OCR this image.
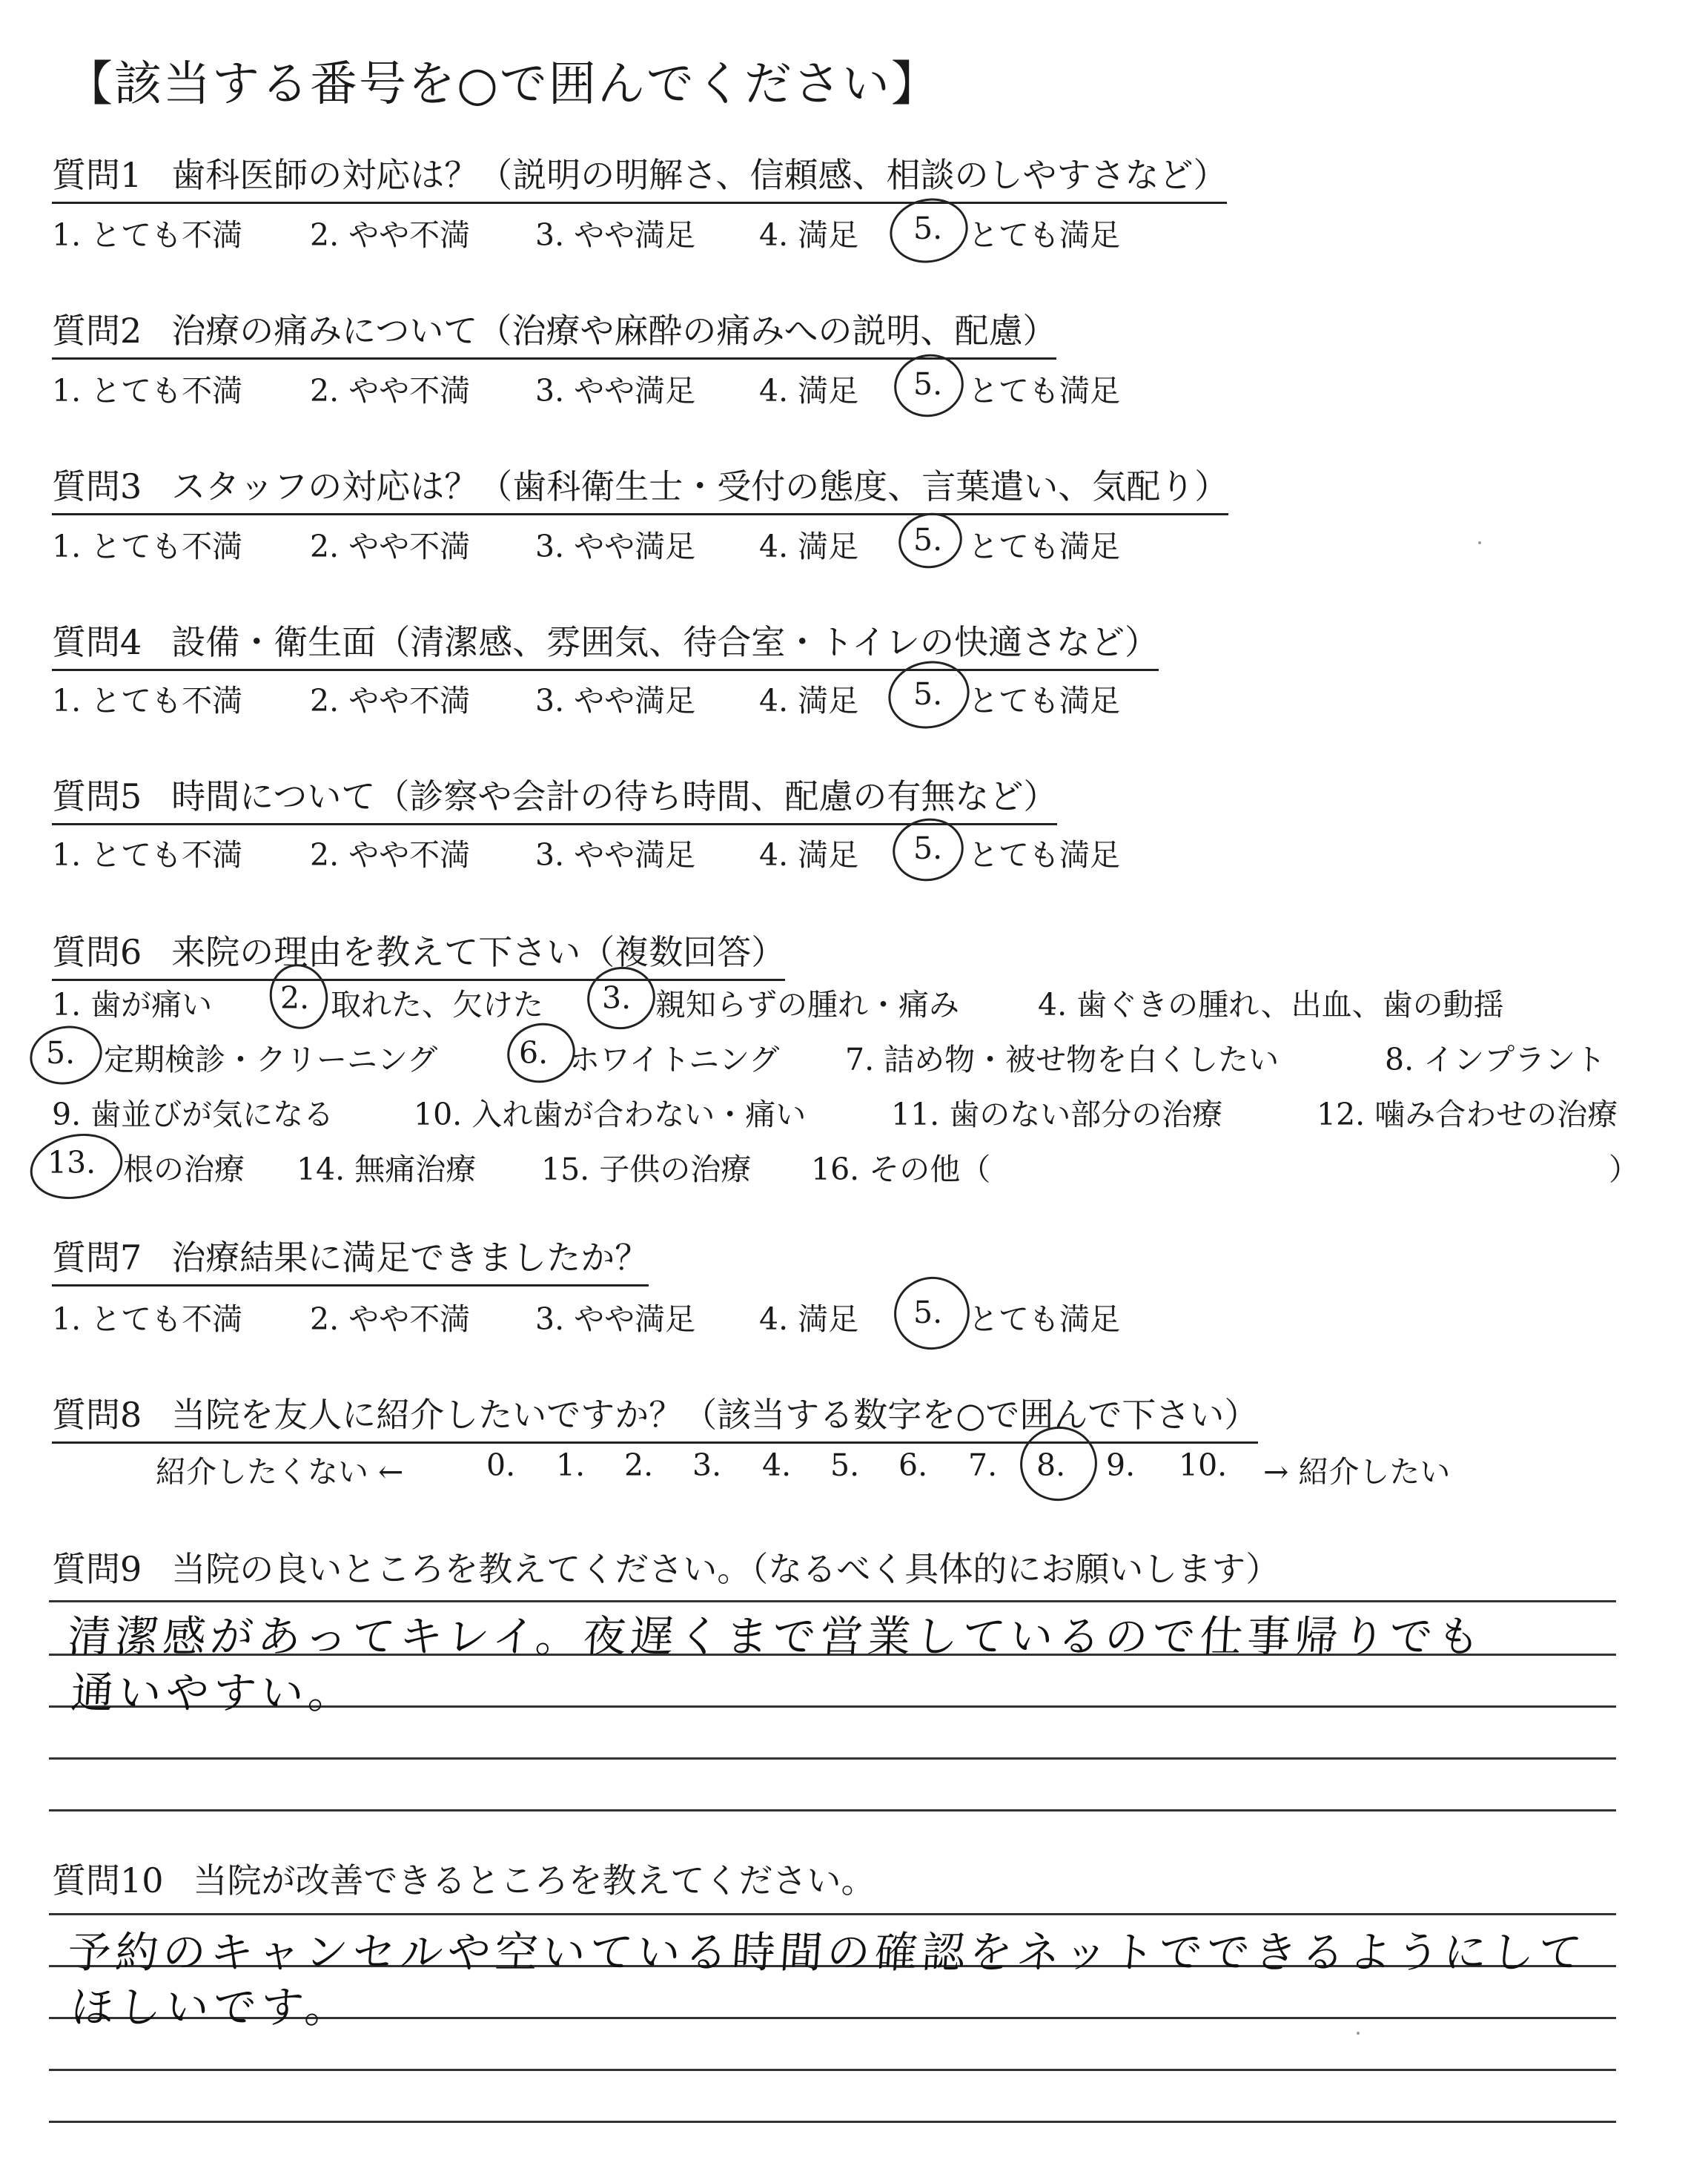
【該当する番号を○で囲んでください】
質問1 歯科医師の対応は？（説明の明解さ、信頼感、相談のしやすさなど）
1. とても不満 2. やや不満 3. やや満足 4. 満足 5. とても満足
質問2 治療の痛みについて（治療や麻酔の痛みへの説明、配慮）
1. とても不満 2. やや不満 3. やや満足 4. 満足 5. とても満足
質問3 スタッフの対応は？（歯科衛生士・受付の態度、言葉遣い、気配り）
1. とても不満 2. やや不満 3. やや満足 4. 満足 5. とても満足
質問4 設備・衛生面（清潔感、雰囲気、待合室・トイレの快適さなど）
1. とても不満 2. やや不満 3. やや満足 4. 満足 5. とても満足
質問5 時間について（診察や会計の待ち時間、配慮の有無など）
1. とても不満 2. やや不満 3. やや満足 4. 満足 5. とても満足
質問6 来院の理由を教えて下さい（複数回答）
1. 歯が痛い 2. 取れた、欠けた 3. 親知らずの腫れ・痛み	4. 歯ぐきの腫れ、出血、歯の動揺
5. 定期検診・クリーニング	6. ホワイトニング 7. 詰め物・被せ物を白くしたい	8. インプラント
9. 歯並びが気になる	10. 入れ歯が合わない・痛い	11. 歯のない部分の治療	12. 噛み合わせの治療
13. 根の治療 14. 無痛治療 15. 子供の治療 16. その他（	）
質問7 治療結果に満足できましたか？
1. とても不満 2. やや不満 3. やや満足 4. 満足 5. とても満足
質問8 当院を友人に紹介したいですか？（該当する数字を○で囲んで下さい）
紹介したくない ←	0. 1. 2. 3. 4. 5. 6. 7. 8. 9. 10. → 紹介したい
質問9 当院の良いところを教えてください。（なるべく具体的にお願いします）
清潔感があってキレイ。夜遅くまで営業しているので仕事帰りでも
通いやすい。
質問10 当院が改善できるところを教えてください。
予約のキャンセルや空いている時間の確認をネットでできるようにして
ほしいです。
